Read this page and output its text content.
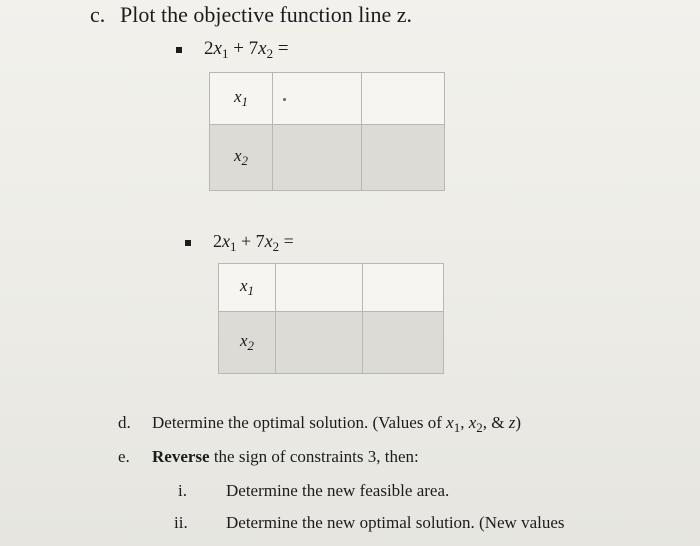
c. Plot the objective function line z.
$2x_1 + 7x_2$ =
$x_1$		
$x_2$		
$2x_1 + 7x_2$ =
$x_1$		
$x_2$		
d. Determine the optimal solution. (Values of $x_1$, $x_2$, & z)
e. Reverse the sign of constraints 3, then:
i. Determine the new feasible area.
ii. Determine the new optimal solution. (New values
